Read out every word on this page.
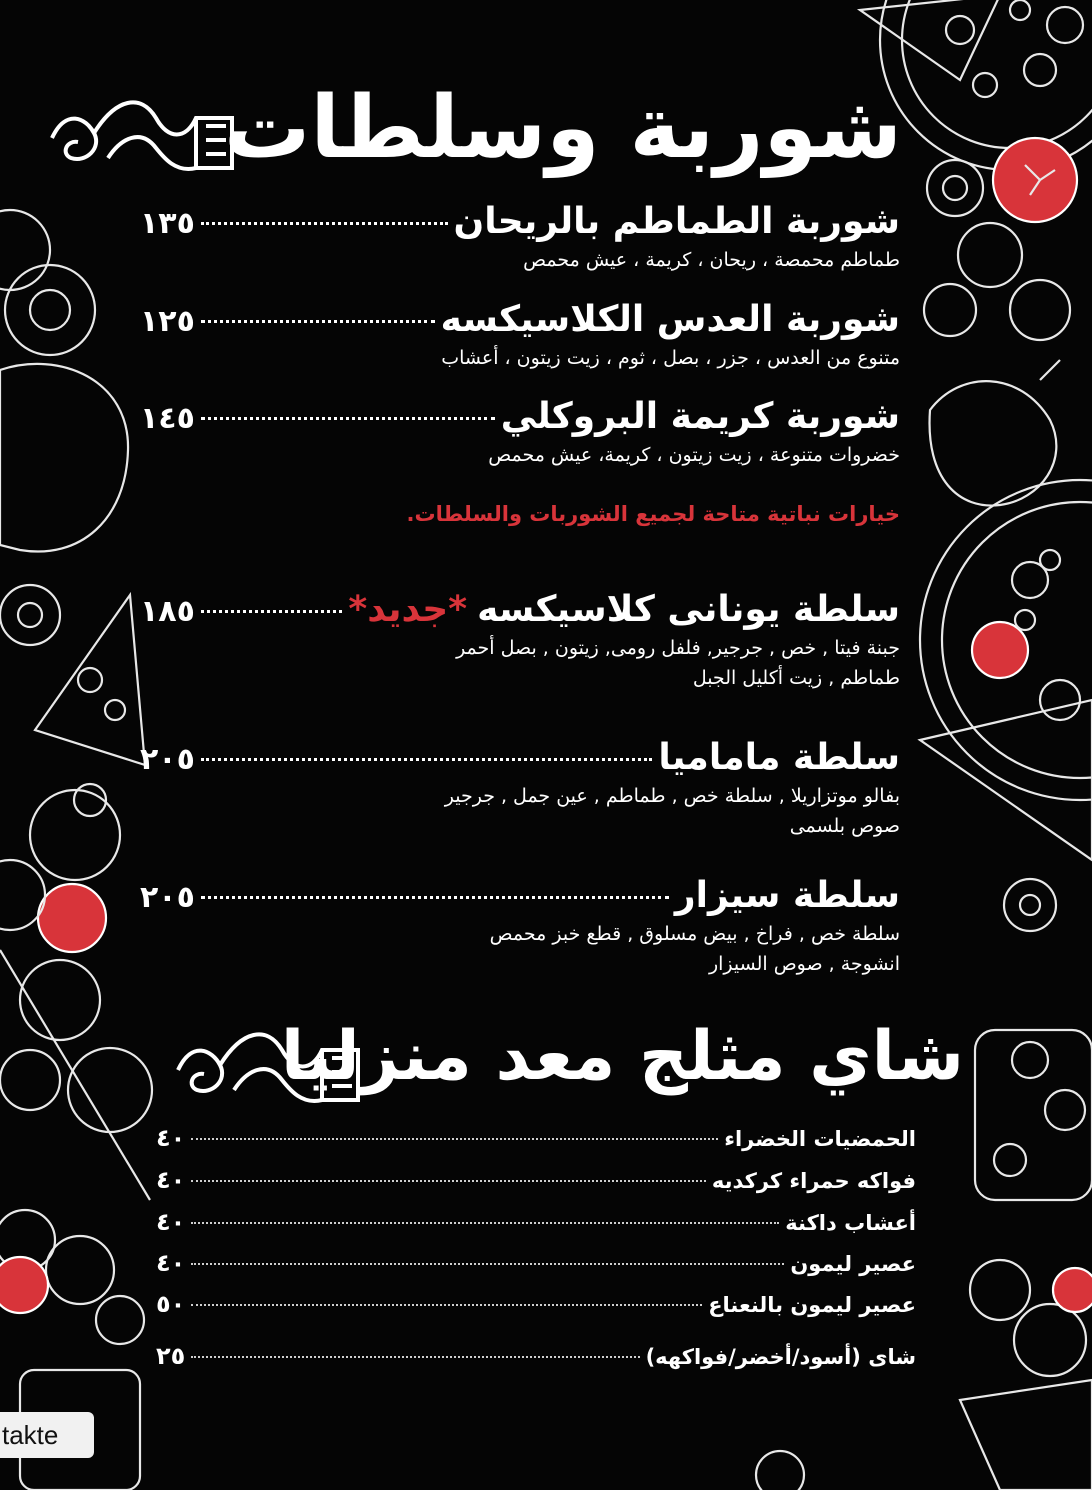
شوربة وسلطات
شوربة الطماطم بالريحان
١٣٥
طماطم محمصة ، ريحان ، كريمة ، عيش محمص
شوربة العدس الكلاسيكسه
١٢٥
متنوع من العدس ، جزر ، بصل ، ثوم ، زيت زيتون ، أعشاب
شوربة كريمة البروكلي
١٤٥
خضروات متنوعة ، زيت زيتون ، كريمة، عيش محمص
خيارات نباتية متاحة لجميع الشوربات والسلطات.
سلطة يونانى كلاسيكسه
*جديد*
١٨٥
جبنة فيتا , خص , جرجير, فلفل رومى, زيتون , بصل أحمر
طماطم , زيت أكليل الجبل
سلطة ماماميا
٢٠٥
بفالو موتزاريلا , سلطة خص , طماطم , عين جمل , جرجير
صوص بلسمى
سلطة سيزار
٢٠٥
سلطة خص , فراخ , بيض مسلوق , قطع خبز محمص
انشوجة , صوص السيزار
شاي مثلج معد منزليا
الحمضيات الخضراء
٤٠
فواكه حمراء كركديه
٤٠
أعشاب داكنة
٤٠
عصير ليمون
٤٠
عصير ليمون بالنعناع
٥٠
شاى (أسود/أخضر/فواكهه)
٢٥
takte
